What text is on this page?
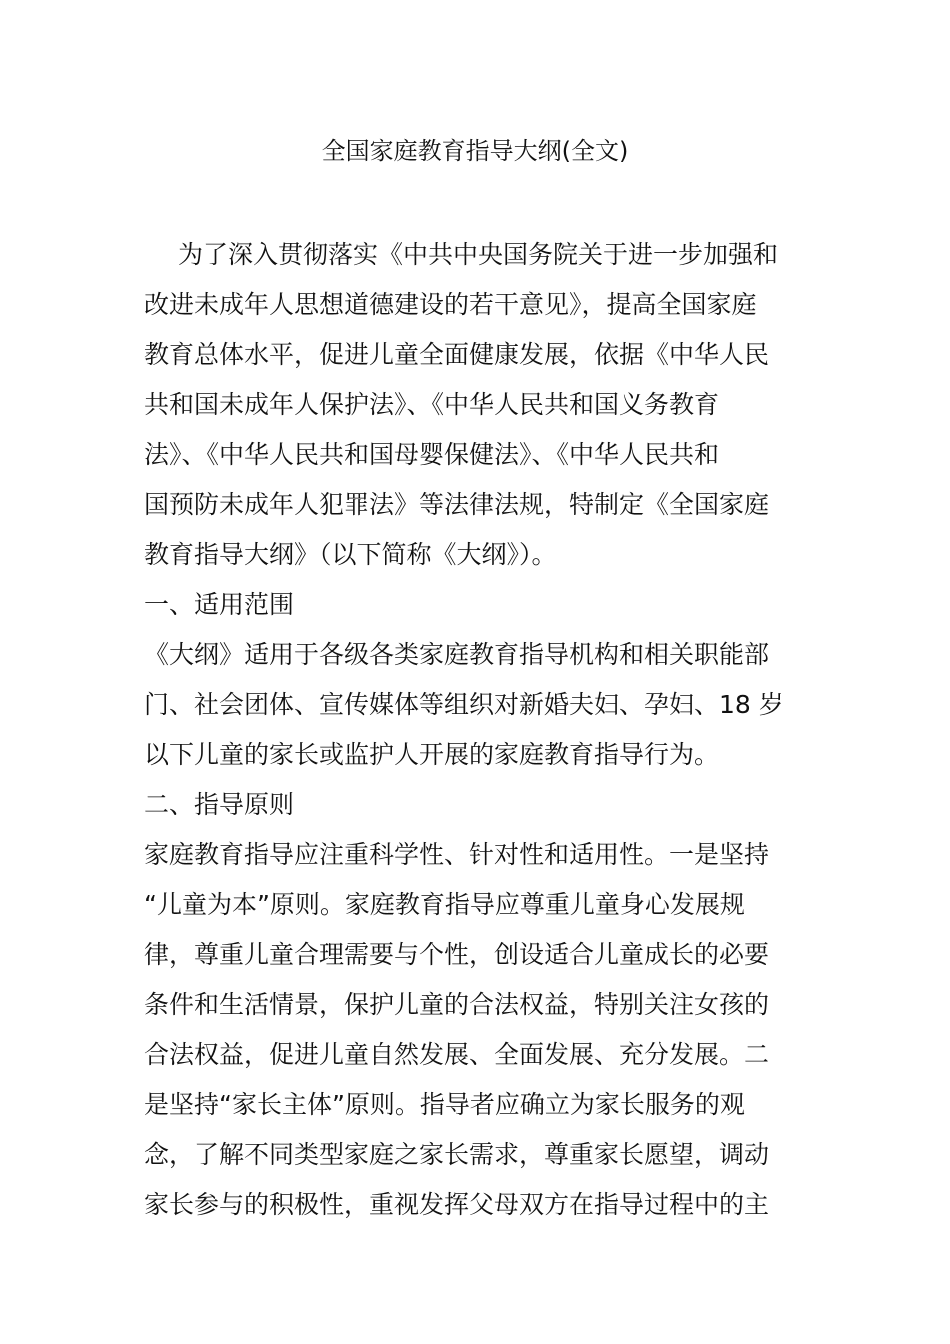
全国家庭教育指导大纲(全文)
为了深入贯彻落实《中共中央国务院关于进一步加强和
改进未成年人思想道德建设的若干意见》，提高全国家庭
教育总体水平，促进儿童全面健康发展，依据《中华人民
共和国未成年人保护法》、《中华人民共和国义务教育
法》、《中华人民共和国母婴保健法》、《中华人民共和
国预防未成年人犯罪法》等法律法规，特制定《全国家庭
教育指导大纲》（以下简称《大纲》）。
一、适用范围
《大纲》适用于各级各类家庭教育指导机构和相关职能部
门、社会团体、宣传媒体等组织对新婚夫妇、孕妇、18 岁
以下儿童的家长或监护人开展的家庭教育指导行为。
二、指导原则
家庭教育指导应注重科学性、针对性和适用性。一是坚持
“儿童为本”原则。家庭教育指导应尊重儿童身心发展规
律，尊重儿童合理需要与个性，创设适合儿童成长的必要
条件和生活情景，保护儿童的合法权益，特别关注女孩的
合法权益，促进儿童自然发展、全面发展、充分发展。二
是坚持“家长主体”原则。指导者应确立为家长服务的观
念，了解不同类型家庭之家长需求，尊重家长愿望，调动
家长参与的积极性，重视发挥父母双方在指导过程中的主
